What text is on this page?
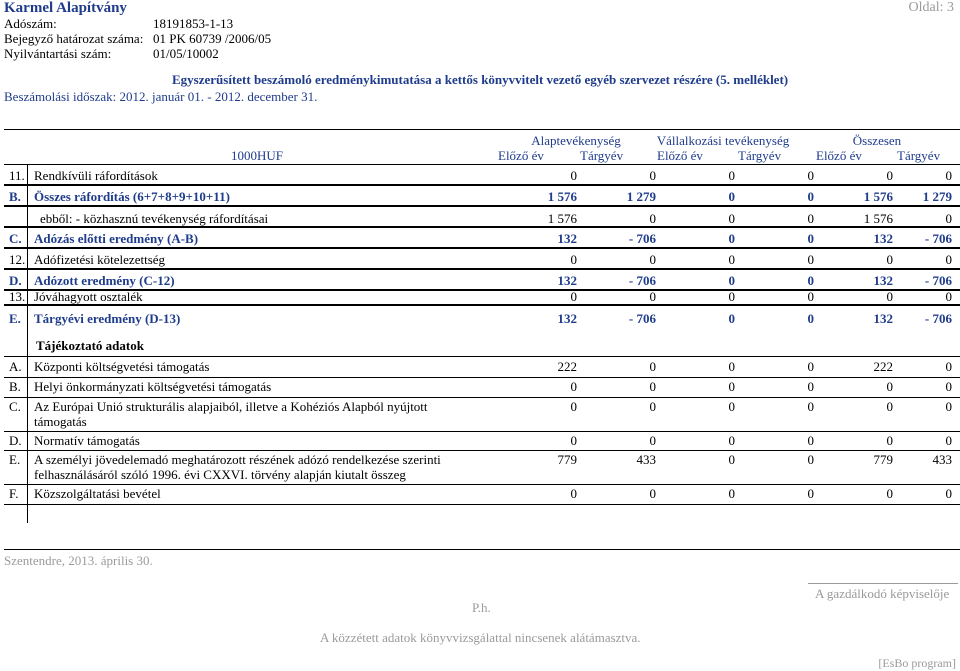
Karmel Alapítvány	Oldal: 3
Adószám:	18191853-1-13
Bejegyző határozat száma: 01 PK 60739 /2006/05
Nyilvántartási szám:	01/05/10002
Egyszerűsített beszámoló eredménykimutatása a kettős könyvvitelt vezető egyéb szervezet részére (5. melléklet)
Beszámolási időszak: 2012. január 01. - 2012. december 31.
1000HUF
Alaptevékenység	Vállalkozási tevékenység	Összesen
Előző év	Tárgyév	Előző év	Tárgyév	Előző év	Tárgyév
11. Rendkívüli ráfordítások	0	0	0	0	0	0
B. Összes ráfordítás (6+7+8+9+10+11)	1 576	1 279	0	0	1 576	1 279
ebből: - közhasznú tevékenység ráfordításai	1 576	0	0	0	1 576	0
C. Adózás előtti eredmény (A-B)	132	- 706	0	0	132	- 706
12. Adófizetési kötelezettség	0	0	0	0	0	0
D. Adózott eredmény (C-12)	132	- 706	0	0	132	- 706
13. Jóváhagyott osztalék	0	0	0	0	0	0
E. Tárgyévi eredmény (D-13)	132	- 706	0	0	132	- 706
Tájékoztató adatok
A. Központi költségvetési támogatás	222	0	0	0	222	0
B. Helyi önkormányzati költségvetési támogatás	0	0	0	0	0	0
C. Az Európai Unió strukturális alapjaiból, illetve a Kohéziós Alapból nyújtott támogatás
0	0	0	0	0	0
D. Normatív támogatás	0	0	0	0	0	0
E. A személyi jövedelemadó meghatározott részének adózó rendelkezése szerinti felhasználásáról szóló 1996. évi CXXVI. törvény alapján kiutalt összeg
779	433	0	0	779	433
F. Közszolgáltatási bevétel	0	0	0	0	0	0
Szentendre, 2013. április 30.
A gazdálkodó képviselője
P.h.
A közzétett adatok könyvvizsgálattal nincsenek alátámasztva.
[EsBo program]
